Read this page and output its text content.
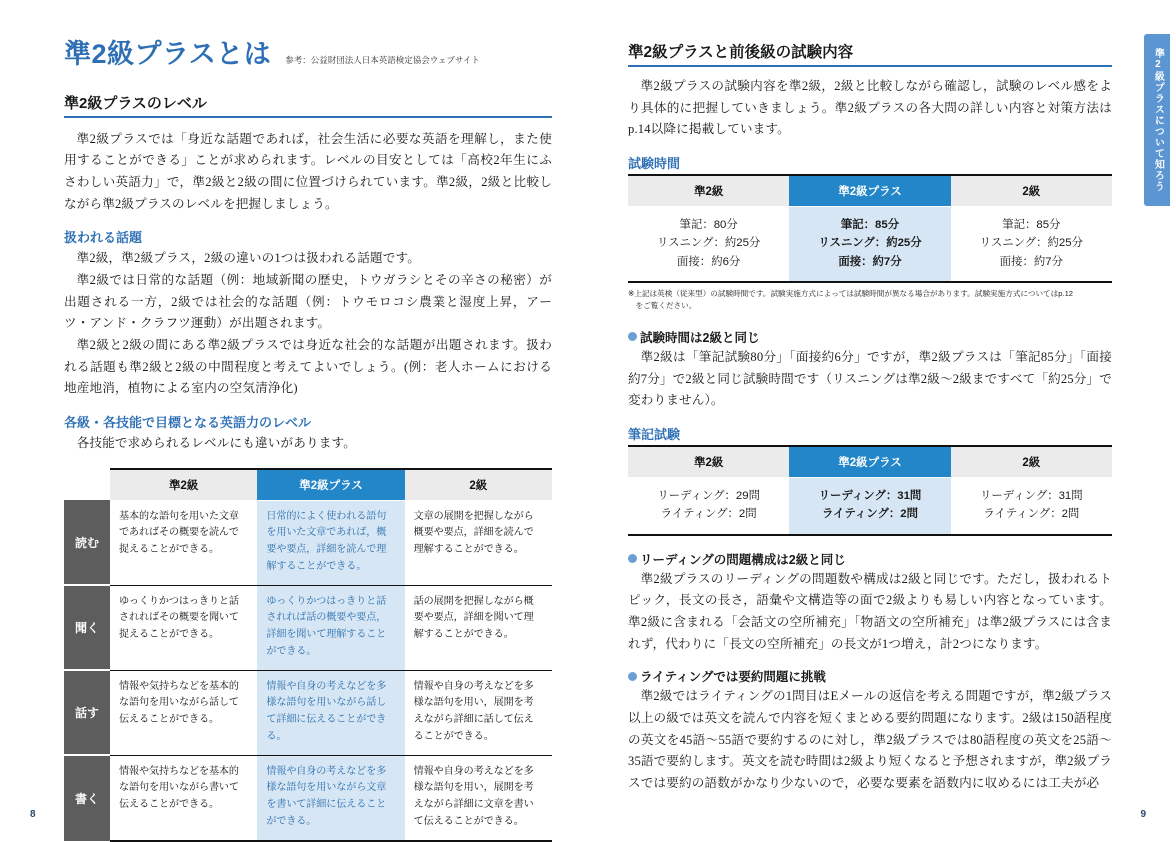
準2級プラスとは 参考：公益財団法人日本英語検定協会ウェブサイト
準2級プラスのレベル

準2級プラスでは「身近な話題であれば，社会生活に必要な英語を理解し，また使用することができる」ことが求められます。レベルの目安としては「高校2年生にふさわしい英語力」で，準2級と2級の間に位置づけられています。準2級，2級と比較しながら準2級プラスのレベルを把握しましょう。

扱われる話題

準2級，準2級プラス，2級の違いの1つは扱われる話題です。

準2級では日常的な話題（例：地域新聞の歴史，トウガラシとその辛さの秘密）が出題される一方，2級では社会的な話題（例：トウモロコシ農業と湿度上昇，アーツ・アンド・クラフツ運動）が出題されます。

準2級と2級の間にある準2級プラスでは身近な社会的な話題が出題されます。扱われる話題も準2級と2級の中間程度と考えてよいでしょう。(例：老人ホームにおける地産地消，植物による室内の空気清浄化)

各級・各技能で目標となる英語力のレベル

各技能で求められるレベルにも違いがあります。

	準2級	準2級プラス	2級
読む	基本的な語句を用いた文章であればその概要を読んで捉えることができる。	日常的によく使われる語句を用いた文章であれば，概要や要点，詳細を読んで理解することができる。	文章の展開を把握しながら概要や要点，詳細を読んで理解することができる。
聞く	ゆっくりかつはっきりと話されればその概要を聞いて捉えることができる。	ゆっくりかつはっきりと話されれば話の概要や要点，詳細を聞いて理解することができる。	話の展開を把握しながら概要や要点，詳細を聞いて理解することができる。
話す	情報や気持ちなどを基本的な語句を用いながら話して伝えることができる。	情報や自身の考えなどを多様な語句を用いながら話して詳細に伝えることができる。	情報や自身の考えなどを多様な語句を用い，展開を考えながら詳細に話して伝えることができる。
書く	情報や気持ちなどを基本的な語句を用いながら書いて伝えることができる。	情報や自身の考えなどを多様な語句を用いながら文章を書いて詳細に伝えることができる。	情報や自身の考えなどを多様な語句を用い，展開を考えながら詳細に文章を書いて伝えることができる。
8
準2級プラスと前後級の試験内容

準2級プラスの試験内容を準2級，2級と比較しながら確認し，試験のレベル感をより具体的に把握していきましょう。準2級プラスの各大問の詳しい内容と対策方法はp.14以降に掲載しています。

試験時間
準2級	準2級プラス	2級

筆記：80分
リスニング：約25分
面接：約6分

筆記：85分
リスニング：約25分
面接：約7分

筆記：85分
リスニング：約25分
面接：約7分
※上記は英検（従来型）の試験時間です。試験実施方式によっては試験時間が異なる場合があります。試験実施方式についてはp.12
をご覧ください。
試験時間は2級と同じ

準2級は「筆記試験80分」「面接約6分」ですが，準2級プラスは「筆記85分」「面接約7分」で2級と同じ試験時間です（リスニングは準2級〜2級まですべて「約25分」で変わりません）。

筆記試験
準2級	準2級プラス	2級

リーディング：29問
ライティング：2問

リーディング：31問
ライティング：2問

リーディング：31問
ライティング：2問
リーディングの問題構成は2級と同じ

準2級プラスのリーディングの問題数や構成は2級と同じです。ただし，扱われるトピック，長文の長さ，語彙や文構造等の面で2級よりも易しい内容となっています。準2級に含まれる「会話文の空所補充」「物語文の空所補充」は準2級プラスには含まれず，代わりに「長文の空所補充」の長文が1つ増え，計2つになります。

ライティングでは要約問題に挑戦

準2級ではライティングの1問目はEメールの返信を考える問題ですが，準2級プラス以上の級では英文を読んで内容を短くまとめる要約問題になります。2級は150語程度の英文を45語〜55語で要約するのに対し，準2級プラスでは80語程度の英文を25語〜35語で要約します。英文を読む時間は2級より短くなると予想されますが，準2級プラスでは要約の語数がかなり少ないので，必要な要素を語数内に収めるには工夫が必

9
準2級プラスについて知ろう
